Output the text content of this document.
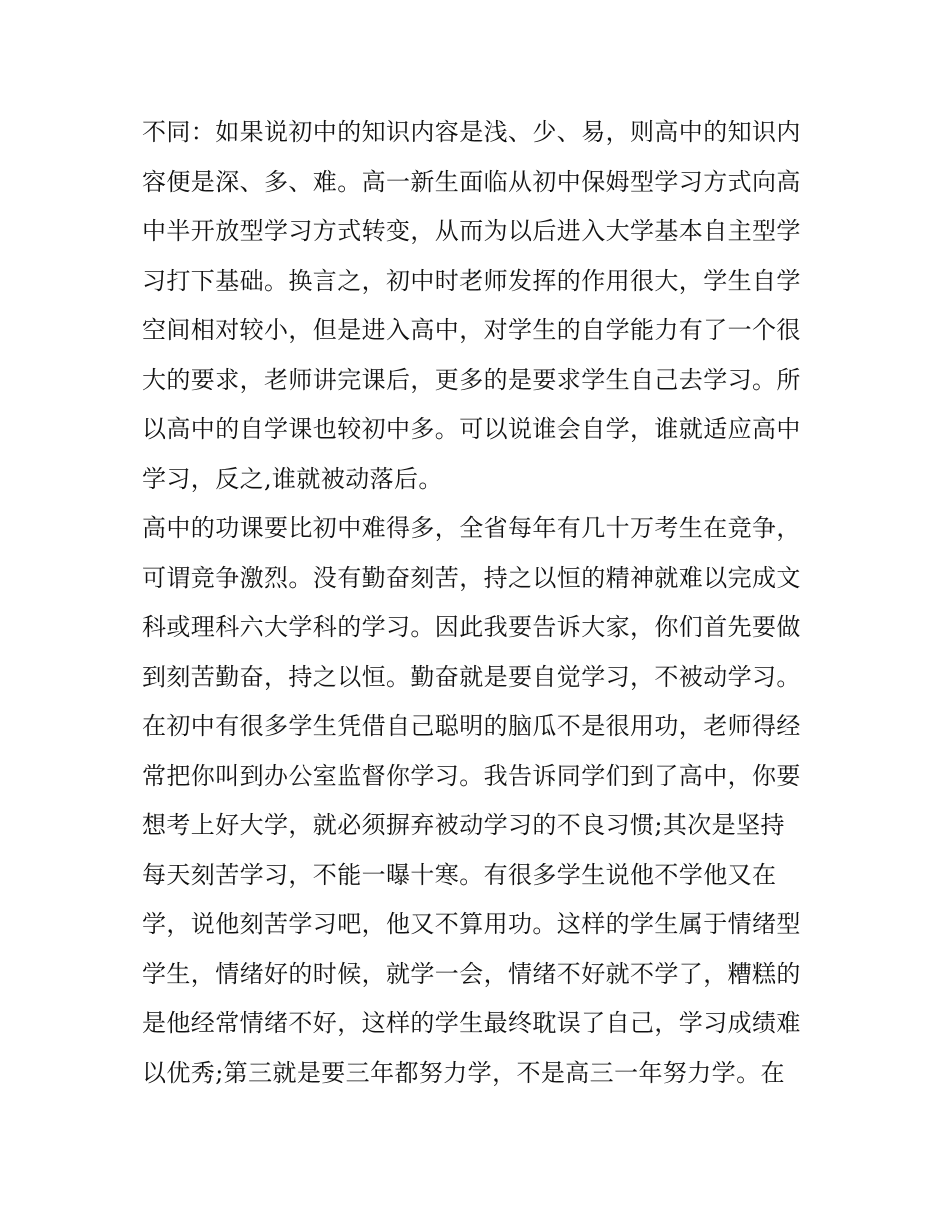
不同：如果说初中的知识内容是浅、少、易，则高中的知识内
容便是深、多、难。高一新生面临从初中保姆型学习方式向高
中半开放型学习方式转变，从而为以后进入大学基本自主型学
习打下基础。换言之，初中时老师发挥的作用很大，学生自学
空间相对较小，但是进入高中，对学生的自学能力有了一个很
大的要求，老师讲完课后，更多的是要求学生自己去学习。所
以高中的自学课也较初中多。可以说谁会自学，谁就适应高中
学习，反之,谁就被动落后。
高中的功课要比初中难得多，全省每年有几十万考生在竞争，
可谓竞争激烈。没有勤奋刻苦，持之以恒的精神就难以完成文
科或理科六大学科的学习。因此我要告诉大家，你们首先要做
到刻苦勤奋，持之以恒。勤奋就是要自觉学习，不被动学习。
在初中有很多学生凭借自己聪明的脑瓜不是很用功，老师得经
常把你叫到办公室监督你学习。我告诉同学们到了高中，你要
想考上好大学，就必须摒弃被动学习的不良习惯;其次是坚持
每天刻苦学习，不能一曝十寒。有很多学生说他不学他又在
学，说他刻苦学习吧，他又不算用功。这样的学生属于情绪型
学生，情绪好的时候，就学一会，情绪不好就不学了，糟糕的
是他经常情绪不好，这样的学生最终耽误了自己，学习成绩难
以优秀;第三就是要三年都努力学，不是高三一年努力学。在
